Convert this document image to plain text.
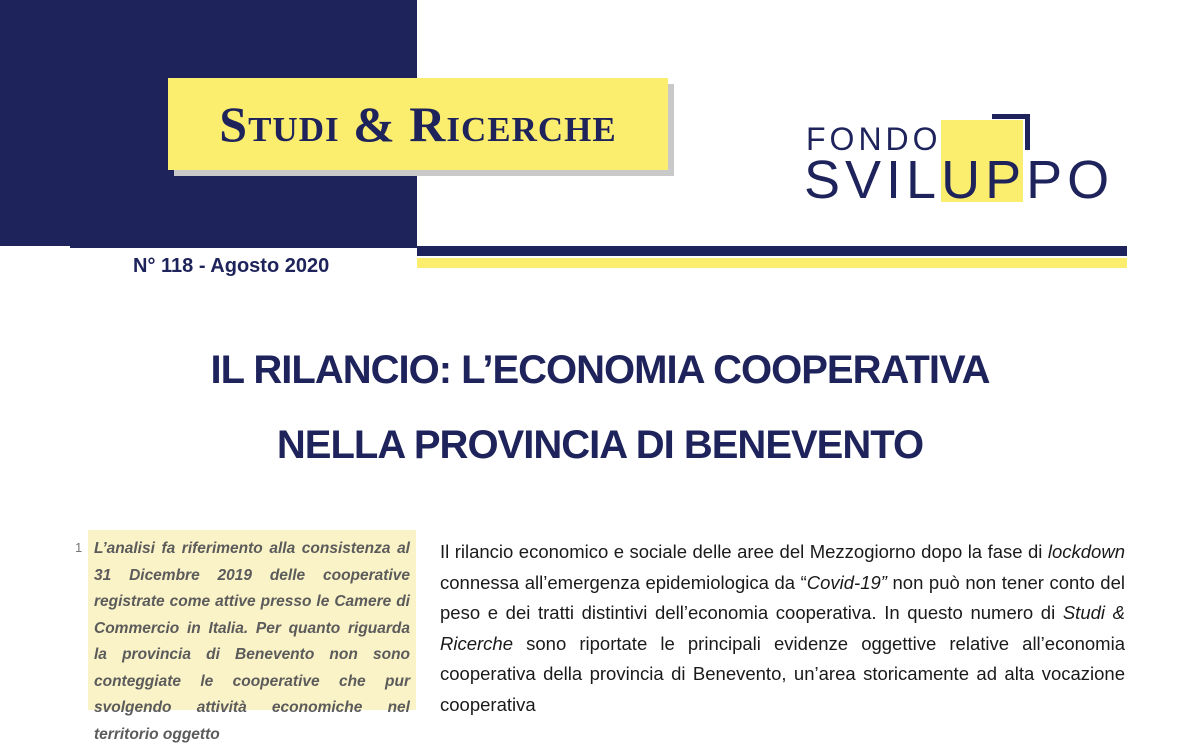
Studi & Ricerche
N° 118 - Agosto 2020
FONDO
SVILUPPO
IL RILANCIO: L’ECONOMIA COOPERATIVA
NELLA PROVINCIA DI BENEVENTO
1 L’analisi fa riferimento alla consistenza al 31 Dicembre 2019 delle cooperative registrate come attive presso le Camere di Commercio in Italia. Per quanto riguarda la provincia di Benevento non sono conteggiate le cooperative che pur svolgendo attività economiche nel territorio oggetto

Il rilancio economico e sociale delle aree del Mezzogiorno dopo la fase di lockdown connessa all’emergenza epidemiologica da “Covid-19” non può non tener conto del peso e dei tratti distintivi dell’economia cooperativa. In questo numero di Studi & Ricerche sono riportate le principali evidenze oggettive relative all’economia cooperativa della provincia di Benevento, un’area storicamente ad alta vocazione cooperativa
